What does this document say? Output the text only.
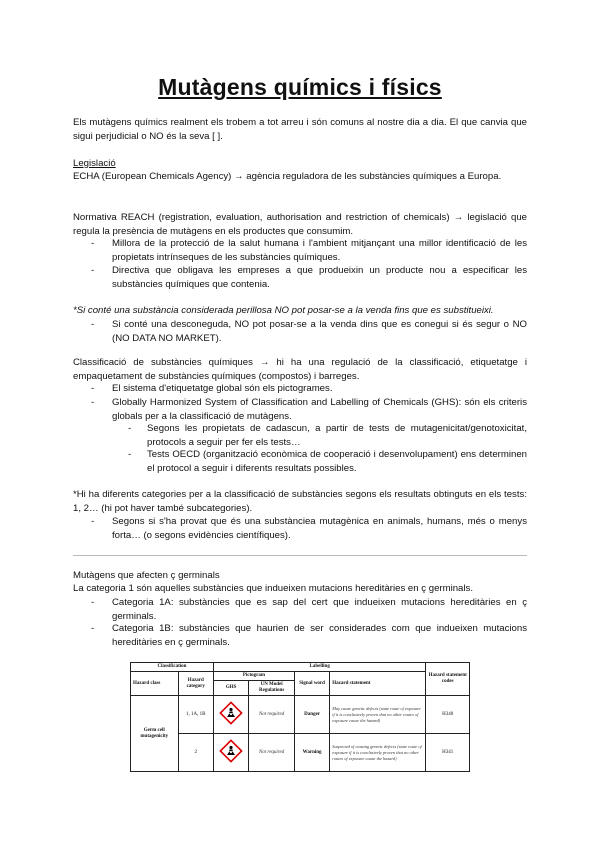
Mutàgens químics i físics

Els mutàgens químics realment els trobem a tot arreu i són comuns al nostre dia a dia. El que canvia que sigui perjudicial o NO és la seva [ ].

Legislació

ECHA (European Chemicals Agency) → agència reguladora de les substàncies químiques a Europa.

Normativa REACH (registration, evaluation, authorisation and restriction of chemicals) → legislació que regula la presència de mutàgens en els productes que consumim.

- Millora de la protecció de la salut humana i l'ambient mitjançant una millor identificació de les propietats intrínseques de les substàncies químiques.

- Directiva que obligava les empreses a que produeixin un producte nou a especificar les substàncies químiques que contenia.

*Si conté una substància considerada perillosa NO pot posar-se a la venda fins que es substitueixi.

- Si conté una desconeguda, NO pot posar-se a la venda dins que es conegui si és segur o NO (NO DATA NO MARKET).

Classificació de substàncies químiques → hi ha una regulació de la classificació, etiquetatge i empaquetament de substàncies químiques (compostos) i barreges.

- El sistema d'etiquetatge global són els pictogrames.

- Globally Harmonized System of Classification and Labelling of Chemicals (GHS): són els criteris globals per a la classificació de mutàgens.

- Segons les propietats de cadascun, a partir de tests de mutagenicitat/genotoxicitat, protocols a seguir per fer els tests…

- Tests OECD (organització econòmica de cooperació i desenvolupament) ens determinen el protocol a seguir i diferents resultats possibles.

*Hi ha diferents categories per a la classificació de substàncies segons els resultats obtinguts en els tests: 1, 2… (hi pot haver també subcategories).

- Segons si s'ha provat que és una substànciea mutagènica en animals, humans, més o menys forta… (o segons evidències científiques).

Mutàgens que afecten ç germinals

La categoria 1 són aquelles substàncies que indueixen mutacions hereditàries en ç germinals.

- Categoria 1A: substàncies que es sap del cert que indueixen mutacions hereditàries en ç germinals.

- Categoria 1B: substàncies que haurien de ser considerades com que indueixen mutacions hereditàries en ç germinals.

Classification		Labelling				Hazard statement codes
Hazard class	Hazard category	Pictogram		Signal word	Hazard statement	
		GHS	UN Model Regulations			
Germ cell mutagenicity	1, 1A, 1B		Not required	Danger	May cause genetic defects (state route of exposure if it is conclusively proven that no other routes of exposure cause the hazard)	H340
	2		Not required	Warning	Suspected of causing genetic defects (state route of exposure if it is conclusively proven that no other routes of exposure cause the hazard)	H341
